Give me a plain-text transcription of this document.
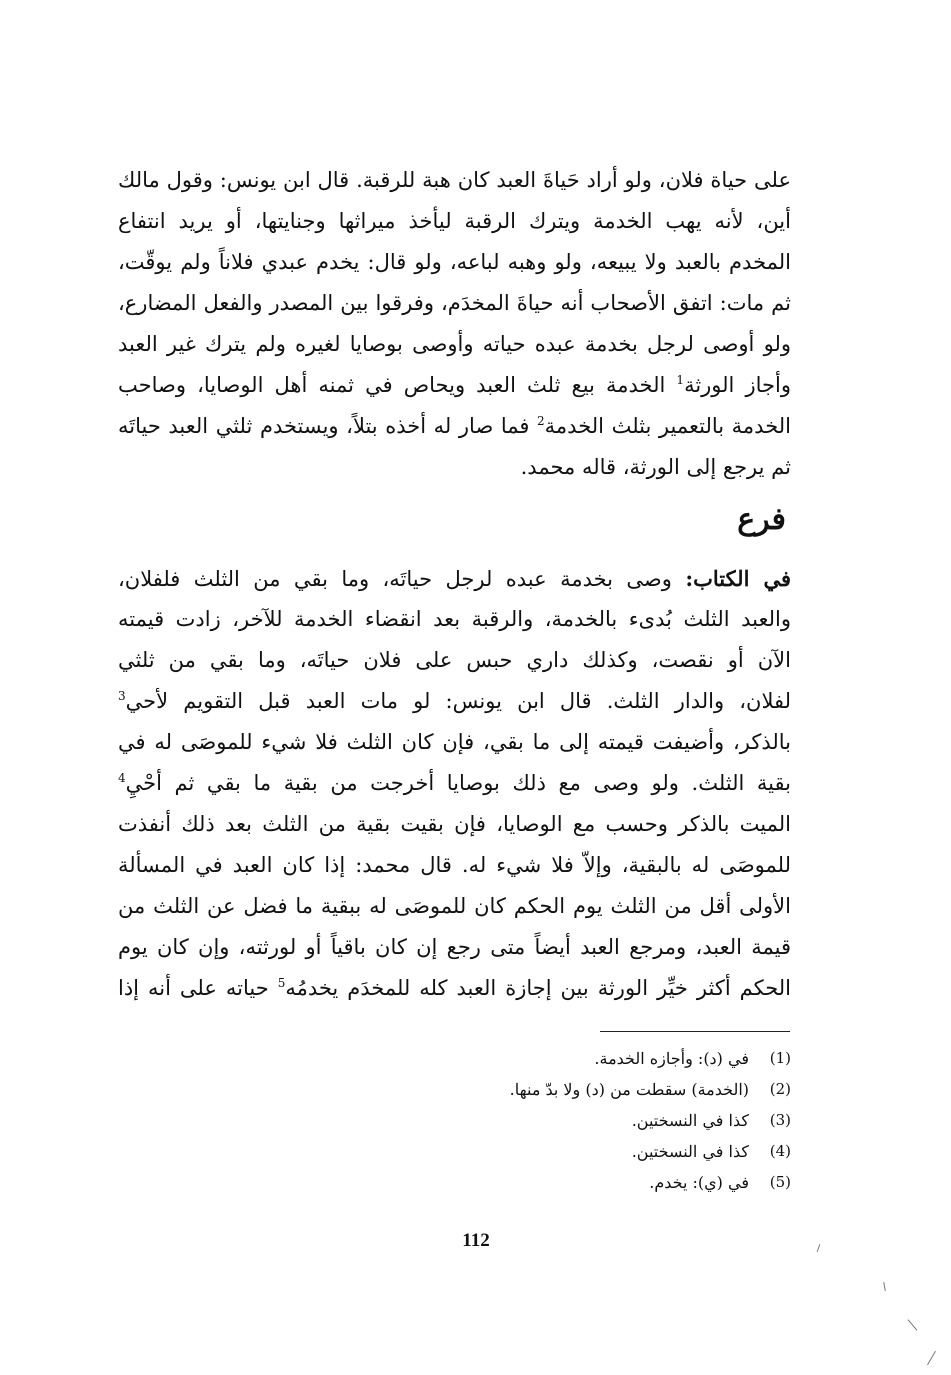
على حياة فلان، ولو أراد حَياةَ العبد كان هبة للرقبة. قال ابن يونس: وقول مالك
أين، لأنه يهب الخدمة ويترك الرقبة ليأخذ ميراثها وجنايتها، أو يريد انتفاع
المخدم بالعبد ولا يبيعه، ولو وهبه لباعه، ولو قال: يخدم عبدي فلاناً ولم يوقّت،
ثم مات: اتفق الأصحاب أنه حياةَ المخدَم، وفرقوا بين المصدر والفعل المضارع،
ولو أوصى لرجل بخدمة عبده حياته وأوصى بوصايا لغيره ولم يترك غير العبد
وأجاز الورثة$^1$ الخدمة بيع ثلث العبد ويحاص في ثمنه أهل الوصايا، وصاحب
الخدمة بالتعمير بثلث الخدمة$^2$ فما صار له أخذه بتلاً، ويستخدم ثلثي العبد حياتَه
ثم يرجع إلى الورثة، قاله محمد.
فرع
في الكتاب: وصى بخدمة عبده لرجل حياتَه، وما بقي من الثلث فلفلان،
والعبد الثلث بُدىء بالخدمة، والرقبة بعد انقضاء الخدمة للآخر، زادت قيمته
الآن أو نقصت، وكذلك داري حبس على فلان حياتَه، وما بقي من ثلثي
لفلان، والدار الثلث. قال ابن يونس: لو مات العبد قبل التقويم لأحي$^3$
بالذكر، وأضيفت قيمته إلى ما بقي، فإن كان الثلث فلا شيء للموصَى له في
بقية الثلث. ولو وصى مع ذلك بوصايا أخرجت من بقية ما بقي ثم أحْيِ$^4$
الميت بالذكر وحسب مع الوصايا، فإن بقيت بقية من الثلث بعد ذلك أنفذت
للموصَى له بالبقية، وإلاّ فلا شيء له. قال محمد: إذا كان العبد في المسألة
الأولى أقل من الثلث يوم الحكم كان للموصَى له ببقية ما فضل عن الثلث من
قيمة العبد، ومرجع العبد أيضاً متى رجع إن كان باقياً أو لورثته، وإن كان يوم
الحكم أكثر خيِّر الورثة بين إجازة العبد كله للمخدَم يخدمُه$^5$ حياته على أنه إذا
(1)
في (د): وأجازه الخدمة.
(2)
(الخدمة) سقطت من (د) ولا بدّ منها.
(3)
كذا في النسختين.
(4)
كذا في النسختين.
(5)
في (ي): يخدم.
112
